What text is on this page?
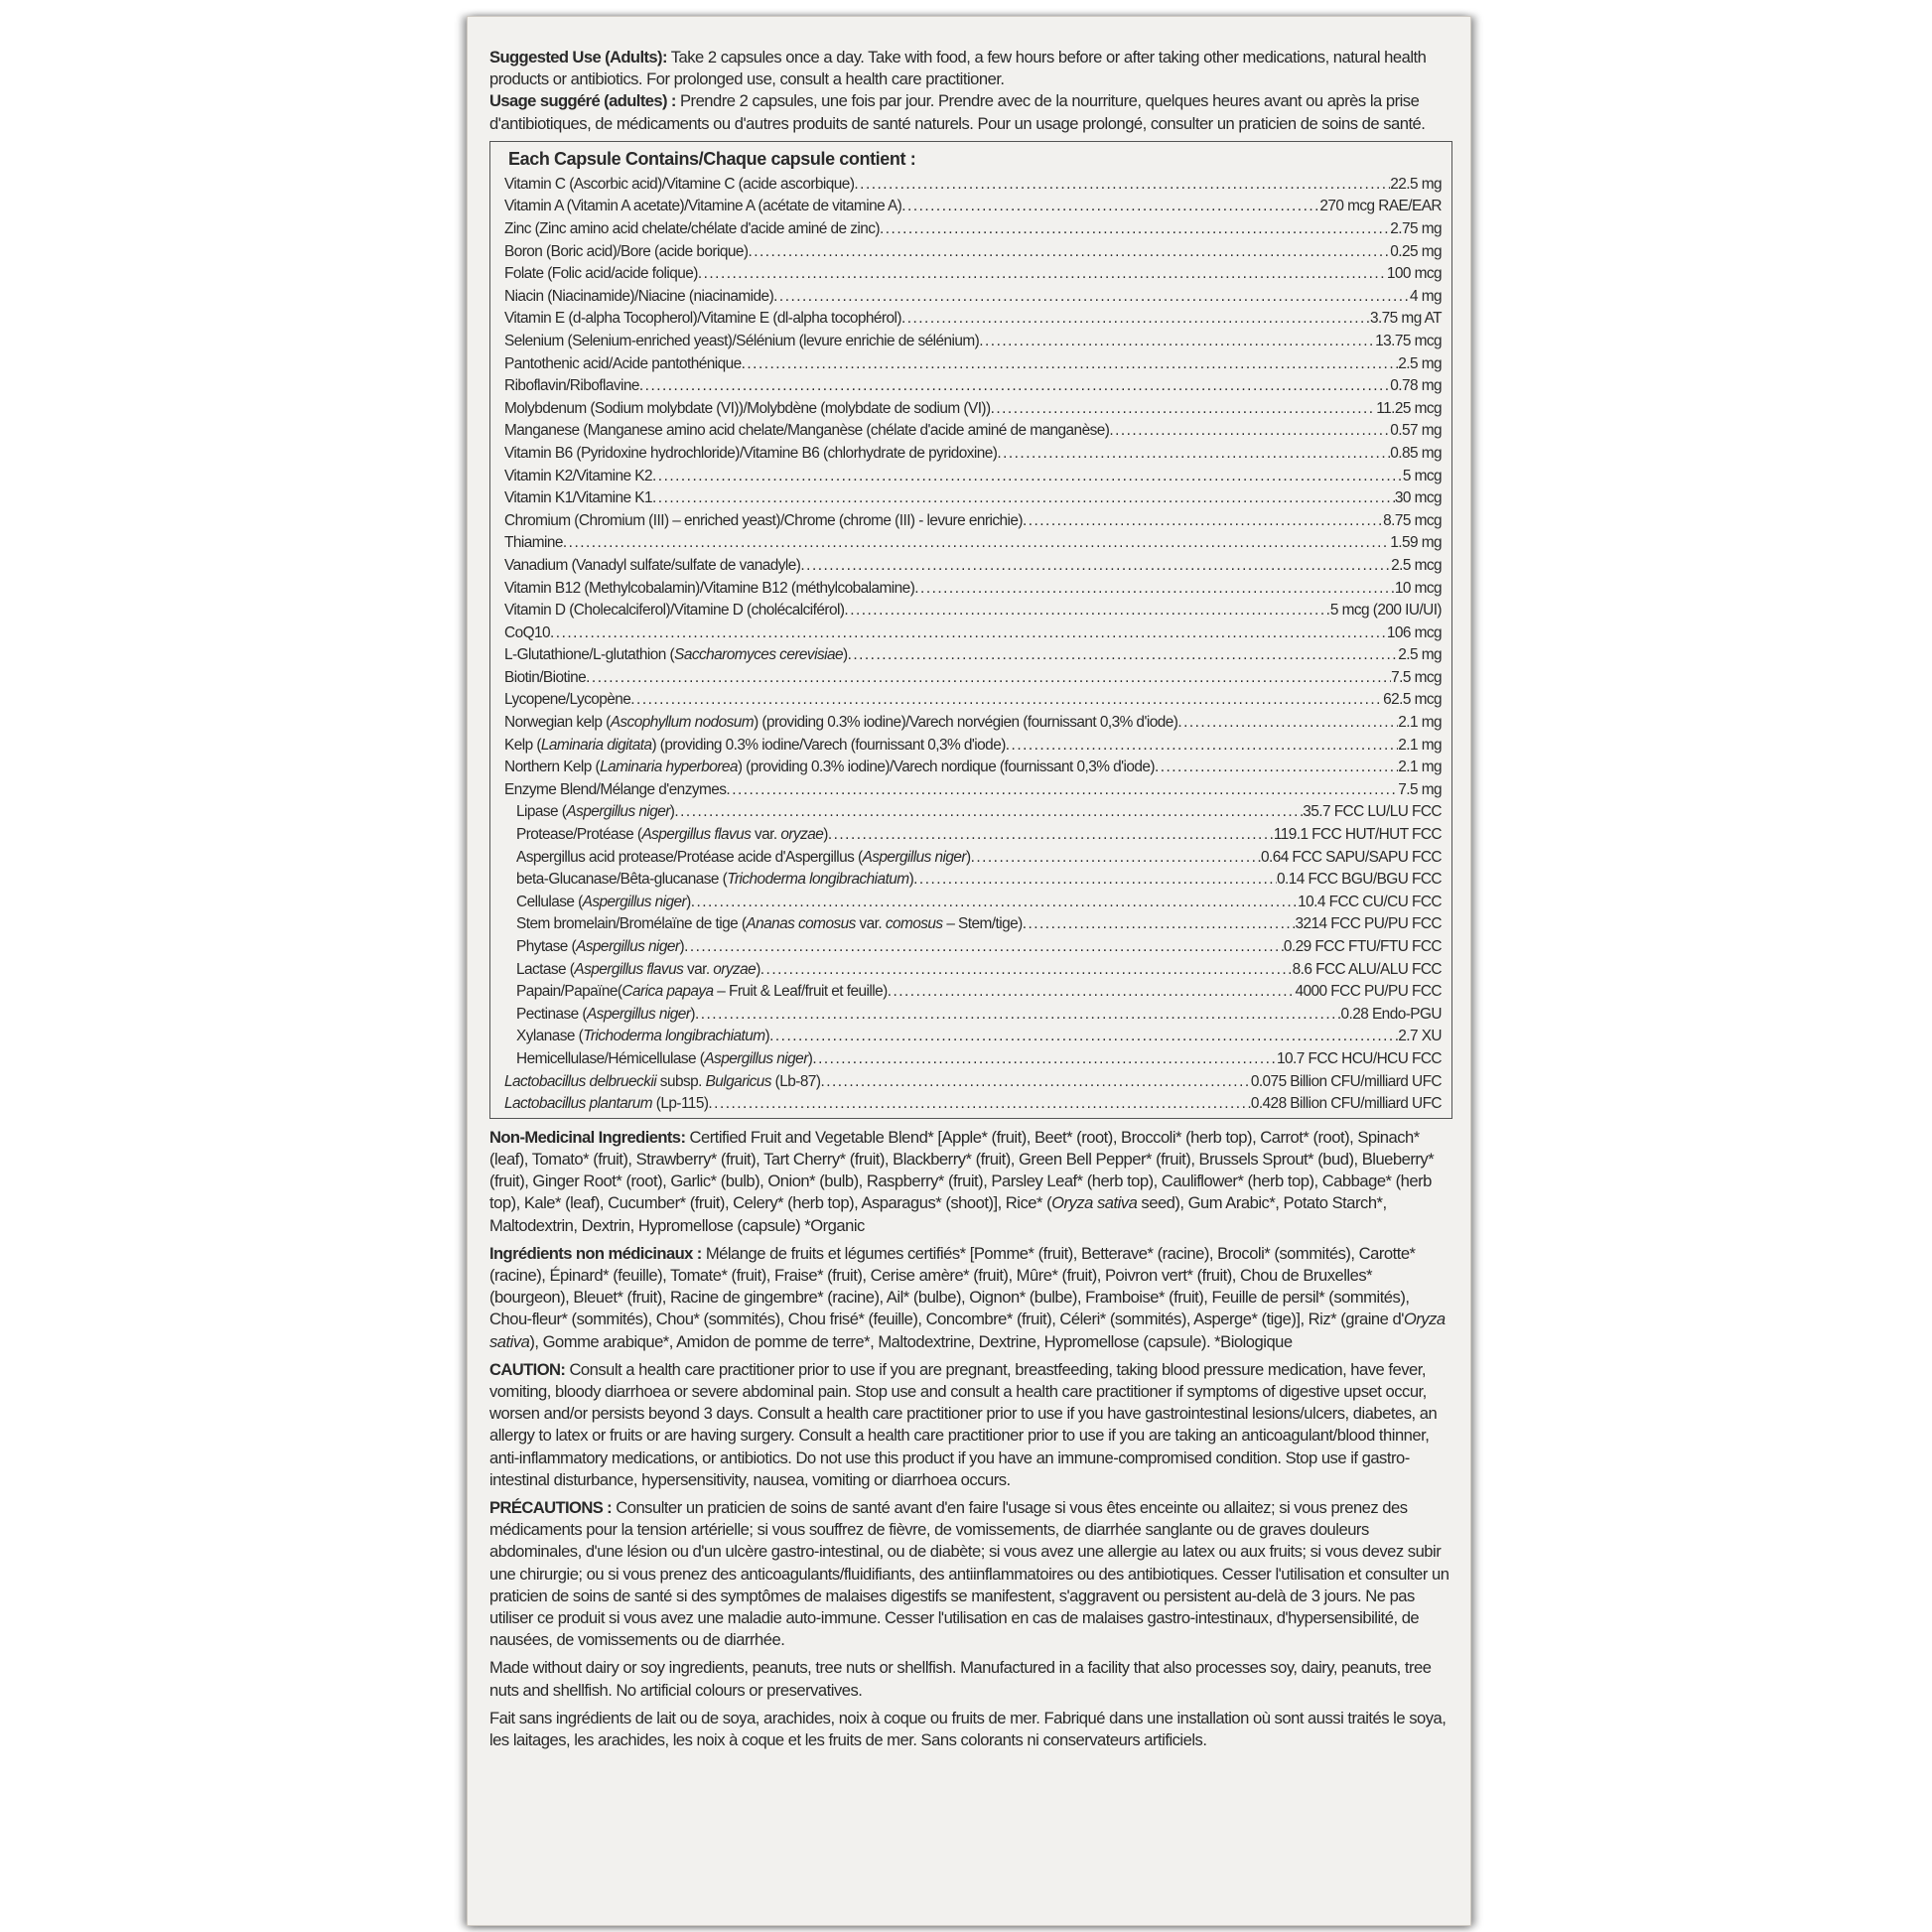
Suggested Use (Adults): Take 2 capsules once a day. Take with food, a few hours before or after taking other medications, natural health products or antibiotics. For prolonged use, consult a health care practitioner.
Usage suggéré (adultes) : Prendre 2 capsules, une fois par jour. Prendre avec de la nourriture, quelques heures avant ou après la prise d'antibiotiques, de médicaments ou d'autres produits de santé naturels. Pour un usage prolongé, consulter un praticien de soins de santé.

Each Capsule Contains/Chaque capsule contient :
Vitamin C (Ascorbic acid)/Vitamine C (acide ascorbique) .....	22.5 mg
Vitamin A (Vitamin A acetate)/Vitamine A (acétate de vitamine A) .....	270 mcg RAE/EAR
Zinc (Zinc amino acid chelate/chélate d'acide aminé de zinc) .....	2.75 mg
Boron (Boric acid)/Bore (acide borique) .....	0.25 mg
Folate (Folic acid/acide folique) .....	100 mcg
Niacin (Niacinamide)/Niacine (niacinamide) .....	4 mg
Vitamin E (d-alpha Tocopherol)/Vitamine E (dl-alpha tocophérol) .....	3.75 mg AT
Selenium (Selenium-enriched yeast)/Sélénium (levure enrichie de sélénium) .....	13.75 mcg
Pantothenic acid/Acide pantothénique .....	2.5 mg
Riboflavin/Riboflavine .....	0.78 mg
Molybdenum (Sodium molybdate (VI))/Molybdène (molybdate de sodium (VI)) .....	11.25 mcg
Manganese (Manganese amino acid chelate/Manganèse (chélate d'acide aminé de manganèse) .....	0.57 mg
Vitamin B6 (Pyridoxine hydrochloride)/Vitamine B6 (chlorhydrate de pyridoxine) .....	0.85 mg
Vitamin K2/Vitamine K2 .....	5 mcg
Vitamin K1/Vitamine K1 .....	30 mcg
Chromium (Chromium (III) – enriched yeast)/Chrome (chrome (III) - levure enrichie) .....	8.75 mcg
Thiamine .....	1.59 mg
Vanadium (Vanadyl sulfate/sulfate de vanadyle) .....	2.5 mcg
Vitamin B12 (Methylcobalamin)/Vitamine B12 (méthylcobalamine) .....	10 mcg
Vitamin D (Cholecalciferol)/Vitamine D (cholécalciférol) .....	5 mcg (200 IU/UI)
CoQ10 .....	106 mcg
L-Glutathione/L-glutathion (Saccharomyces cerevisiae) .....	2.5 mg
Biotin/Biotine .....	7.5 mcg
Lycopene/Lycopène .....	62.5 mcg
Norwegian kelp (Ascophyllum nodosum) (providing 0.3% iodine)/Varech norvégien (fournissant 0,3% d'iode) .....	2.1 mg
Kelp (Laminaria digitata) (providing 0.3% iodine/Varech (fournissant 0,3% d'iode) .....	2.1 mg
Northern Kelp (Laminaria hyperborea) (providing 0.3% iodine)/Varech nordique (fournissant 0,3% d'iode) .....	2.1 mg
Enzyme Blend/Mélange d'enzymes .....	7.5 mg
Lipase (Aspergillus niger) .....	35.7 FCC LU/LU FCC
Protease/Protéase (Aspergillus flavus var. oryzae) .....	119.1 FCC HUT/HUT FCC
Aspergillus acid protease/Protéase acide d'Aspergillus (Aspergillus niger) .....	0.64 FCC SAPU/SAPU FCC
beta-Glucanase/Bêta-glucanase (Trichoderma longibrachiatum) .....	0.14 FCC BGU/BGU FCC
Cellulase (Aspergillus niger) .....	10.4 FCC CU/CU FCC
Stem bromelain/Bromélaïne de tige (Ananas comosus var. comosus – Stem/tige) .....	3214 FCC PU/PU FCC
Phytase (Aspergillus niger) .....	0.29 FCC FTU/FTU FCC
Lactase (Aspergillus flavus var. oryzae) .....	8.6 FCC ALU/ALU FCC
Papain/Papaïne(Carica papaya – Fruit & Leaf/fruit et feuille) .....	4000 FCC PU/PU FCC
Pectinase (Aspergillus niger) .....	0.28 Endo-PGU
Xylanase (Trichoderma longibrachiatum) .....	2.7 XU
Hemicellulase/Hémicellulase (Aspergillus niger) .....	10.7 FCC HCU/HCU FCC
Lactobacillus delbrueckii subsp. Bulgaricus (Lb-87) .....	0.075 Billion CFU/milliard UFC
Lactobacillus plantarum (Lp-115) .....	0.428 Billion CFU/milliard UFC

Non-Medicinal Ingredients: Certified Fruit and Vegetable Blend* [Apple* (fruit), Beet* (root), Broccoli* (herb top), Carrot* (root), Spinach* (leaf), Tomato* (fruit), Strawberry* (fruit), Tart Cherry* (fruit), Blackberry* (fruit), Green Bell Pepper* (fruit), Brussels Sprout* (bud), Blueberry* (fruit), Ginger Root* (root), Garlic* (bulb), Onion* (bulb), Raspberry* (fruit), Parsley Leaf* (herb top), Cauliflower* (herb top), Cabbage* (herb top), Kale* (leaf), Cucumber* (fruit), Celery* (herb top), Asparagus* (shoot)], Rice* (Oryza sativa seed), Gum Arabic*, Potato Starch*, Maltodextrin, Dextrin, Hypromellose (capsule) *Organic

Ingrédients non médicinaux : Mélange de fruits et légumes certifiés* [Pomme* (fruit), Betterave* (racine), Brocoli* (sommités), Carotte* (racine), Épinard* (feuille), Tomate* (fruit), Fraise* (fruit), Cerise amère* (fruit), Mûre* (fruit), Poivron vert* (fruit), Chou de Bruxelles* (bourgeon), Bleuet* (fruit), Racine de gingembre* (racine), Ail* (bulbe), Oignon* (bulbe), Framboise* (fruit), Feuille de persil* (sommités), Chou-fleur* (sommités), Chou* (sommités), Chou frisé* (feuille), Concombre* (fruit), Céleri* (sommités), Asperge* (tige)], Riz* (graine d'Oryza sativa), Gomme arabique*, Amidon de pomme de terre*, Maltodextrine, Dextrine, Hypromellose (capsule). *Biologique

CAUTION: Consult a health care practitioner prior to use if you are pregnant, breastfeeding, taking blood pressure medication, have fever, vomiting, bloody diarrhoea or severe abdominal pain. Stop use and consult a health care practitioner if symptoms of digestive upset occur, worsen and/or persists beyond 3 days. Consult a health care practitioner prior to use if you have gastrointestinal lesions/ulcers, diabetes, an allergy to latex or fruits or are having surgery. Consult a health care practitioner prior to use if you are taking an anticoagulant/blood thinner, anti-inflammatory medications, or antibiotics. Do not use this product if you have an immune-compromised condition. Stop use if gastro-intestinal disturbance, hypersensitivity, nausea, vomiting or diarrhoea occurs.

PRÉCAUTIONS : Consulter un praticien de soins de santé avant d'en faire l'usage si vous êtes enceinte ou allaitez; si vous prenez des médicaments pour la tension artérielle; si vous souffrez de fièvre, de vomissements, de diarrhée sanglante ou de graves douleurs abdominales, d'une lésion ou d'un ulcère gastro-intestinal, ou de diabète; si vous avez une allergie au latex ou aux fruits; si vous devez subir une chirurgie; ou si vous prenez des anticoagulants/fluidifiants, des antiinflammatoires ou des antibiotiques. Cesser l'utilisation et consulter un praticien de soins de santé si des symptômes de malaises digestifs se manifestent, s'aggravent ou persistent au-delà de 3 jours. Ne pas utiliser ce produit si vous avez une maladie auto-immune. Cesser l'utilisation en cas de malaises gastro-intestinaux, d'hypersensibilité, de nausées, de vomissements ou de diarrhée.

Made without dairy or soy ingredients, peanuts, tree nuts or shellfish. Manufactured in a facility that also processes soy, dairy, peanuts, tree nuts and shellfish. No artificial colours or preservatives.

Fait sans ingrédients de lait ou de soya, arachides, noix à coque ou fruits de mer. Fabriqué dans une installation où sont aussi traités le soya, les laitages, les arachides, les noix à coque et les fruits de mer. Sans colorants ni conservateurs artificiels.
